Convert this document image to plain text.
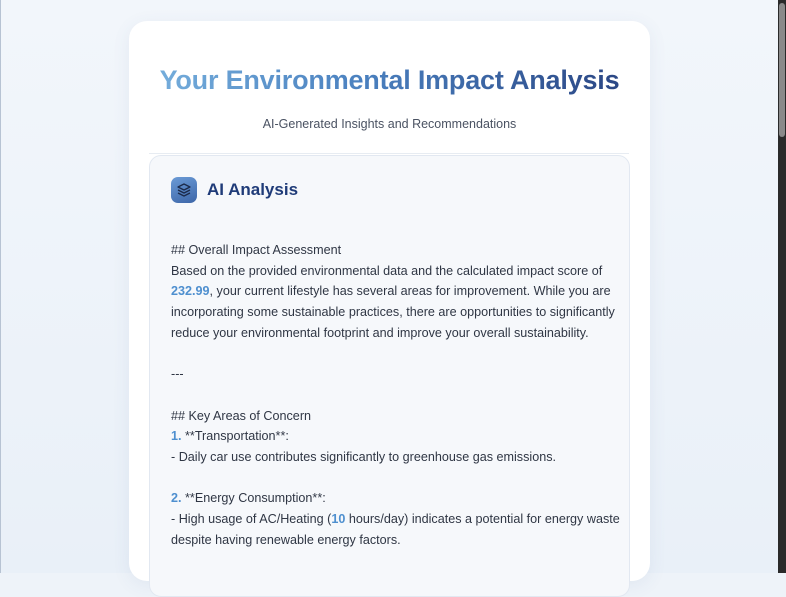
Your Environmental Impact Analysis
AI-Generated Insights and Recommendations
AI Analysis
## Overall Impact Assessment
Based on the provided environmental data and the calculated impact score of
232.99, your current lifestyle has several areas for improvement. While you are
incorporating some sustainable practices, there are opportunities to significantly
reduce your environmental footprint and improve your overall sustainability.
---
## Key Areas of Concern
1. **Transportation**:
- Daily car use contributes significantly to greenhouse gas emissions.
2. **Energy Consumption**:
- High usage of AC/Heating (10 hours/day) indicates a potential for energy waste
despite having renewable energy factors.
